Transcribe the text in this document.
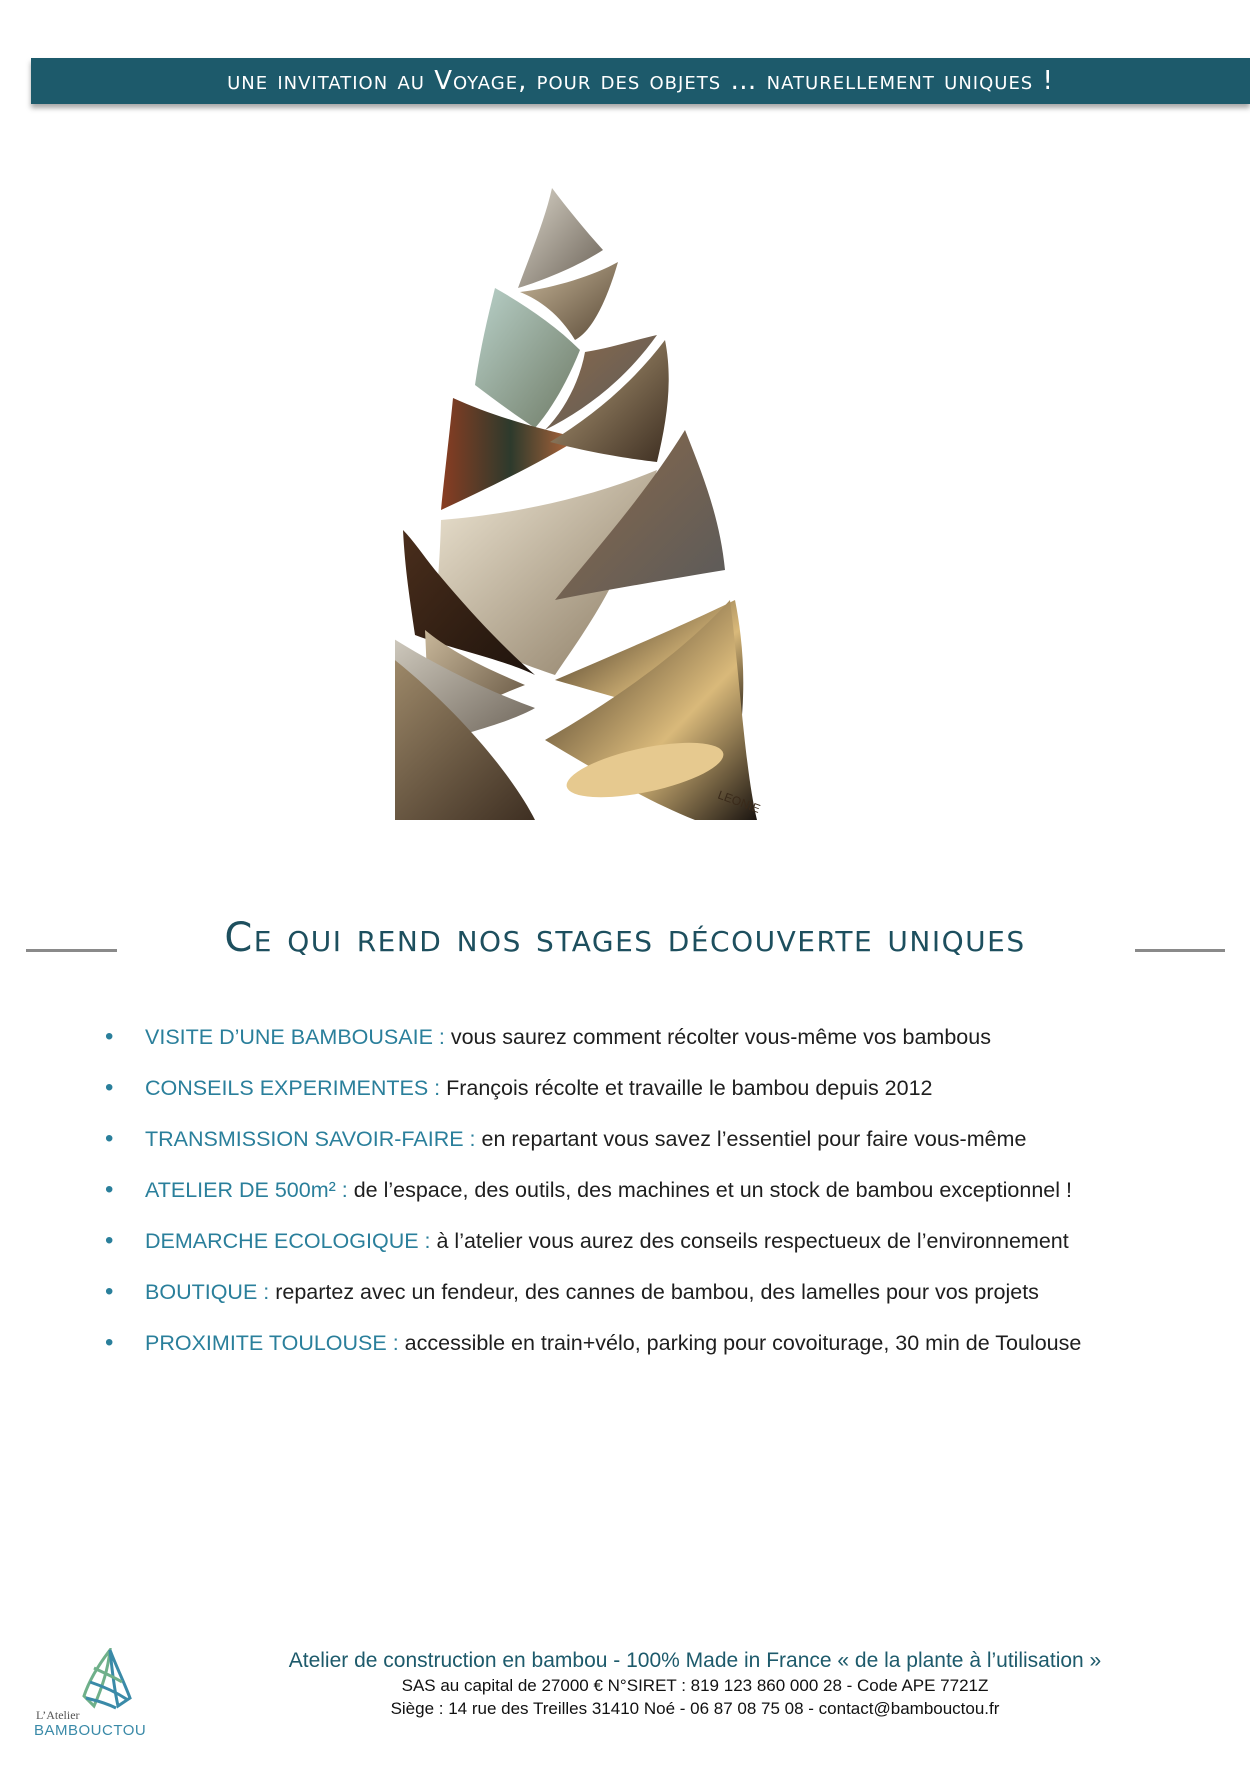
une invitation au Voyage, pour des objets … naturellement uniques !
LEONIE
Ce qui rend nos stages découverte uniques
• VISITE D’UNE BAMBOUSAIE : vous saurez comment récolter vous-même vos bambous
• CONSEILS EXPERIMENTES : François récolte et travaille le bambou depuis 2012
• TRANSMISSION SAVOIR-FAIRE : en repartant vous savez l’essentiel pour faire vous-même
• ATELIER DE 500m² : de l’espace, des outils, des machines et un stock de bambou exceptionnel !
• DEMARCHE ECOLOGIQUE : à l’atelier vous aurez des conseils respectueux de l’environnement
• BOUTIQUE : repartez avec un fendeur, des cannes de bambou, des lamelles pour vos projets
• PROXIMITE TOULOUSE : accessible en train+vélo, parking pour covoiturage, 30 min de Toulouse
L’Atelier
BAMBOUCTOU
Atelier de construction en bambou - 100% Made in France « de la plante à l’utilisation »
SAS au capital de 27000 € N°SIRET : 819 123 860 000 28 - Code APE 7721Z
Siège : 14 rue des Treilles 31410 Noé - 06 87 08 75 08 - contact@bambouctou.fr
